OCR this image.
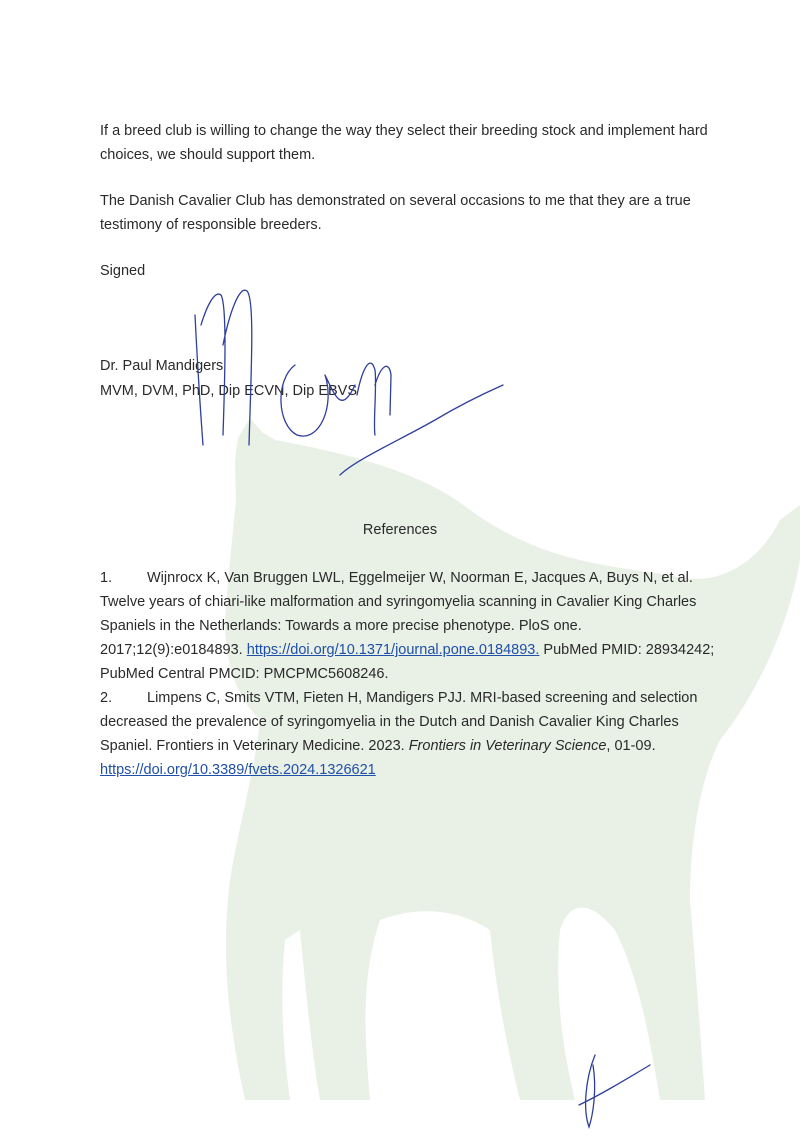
If a breed club is willing to change the way they select their breeding stock and implement hard choices, we should support them.

The Danish Cavalier Club has demonstrated on several occasions to me that they are a true testimony of responsible breeders.

Signed

Dr. Paul Mandigers

MVM, DVM, PhD, Dip ECVN, Dip EBVS

References

1. Wijnrocx K, Van Bruggen LWL, Eggelmeijer W, Noorman E, Jacques A, Buys N, et al. Twelve years of chiari-like malformation and syringomyelia scanning in Cavalier King Charles Spaniels in the Netherlands: Towards a more precise phenotype. PloS one. 2017;12(9):e0184893. https://doi.org/10.1371/journal.pone.0184893. PubMed PMID: 28934242; PubMed Central PMCID: PMCPMC5608246.

2. Limpens C, Smits VTM, Fieten H, Mandigers PJJ. MRI-based screening and selection decreased the prevalence of syringomyelia in the Dutch and Danish Cavalier King Charles Spaniel. Frontiers in Veterinary Medicine. 2023. Frontiers in Veterinary Science, 01-09.
https://doi.org/10.3389/fvets.2024.1326621
